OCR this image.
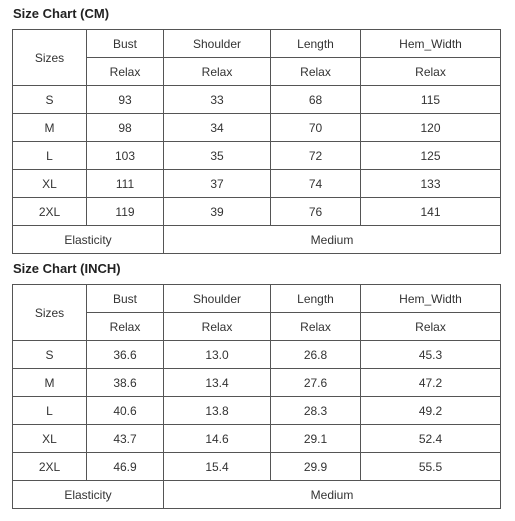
Size Chart (CM)
Sizes	Bust	Shoulder	Length	Hem_Width
	Relax	Relax	Relax	Relax
S	93	33	68	115
M	98	34	70	120
L	103	35	72	125
XL	111	37	74	133
2XL	119	39	76	141
Elasticity		Medium		
Size Chart (INCH)
Sizes	Bust	Shoulder	Length	Hem_Width
	Relax	Relax	Relax	Relax
S	36.6	13.0	26.8	45.3
M	38.6	13.4	27.6	47.2
L	40.6	13.8	28.3	49.2
XL	43.7	14.6	29.1	52.4
2XL	46.9	15.4	29.9	55.5
Elasticity		Medium		
